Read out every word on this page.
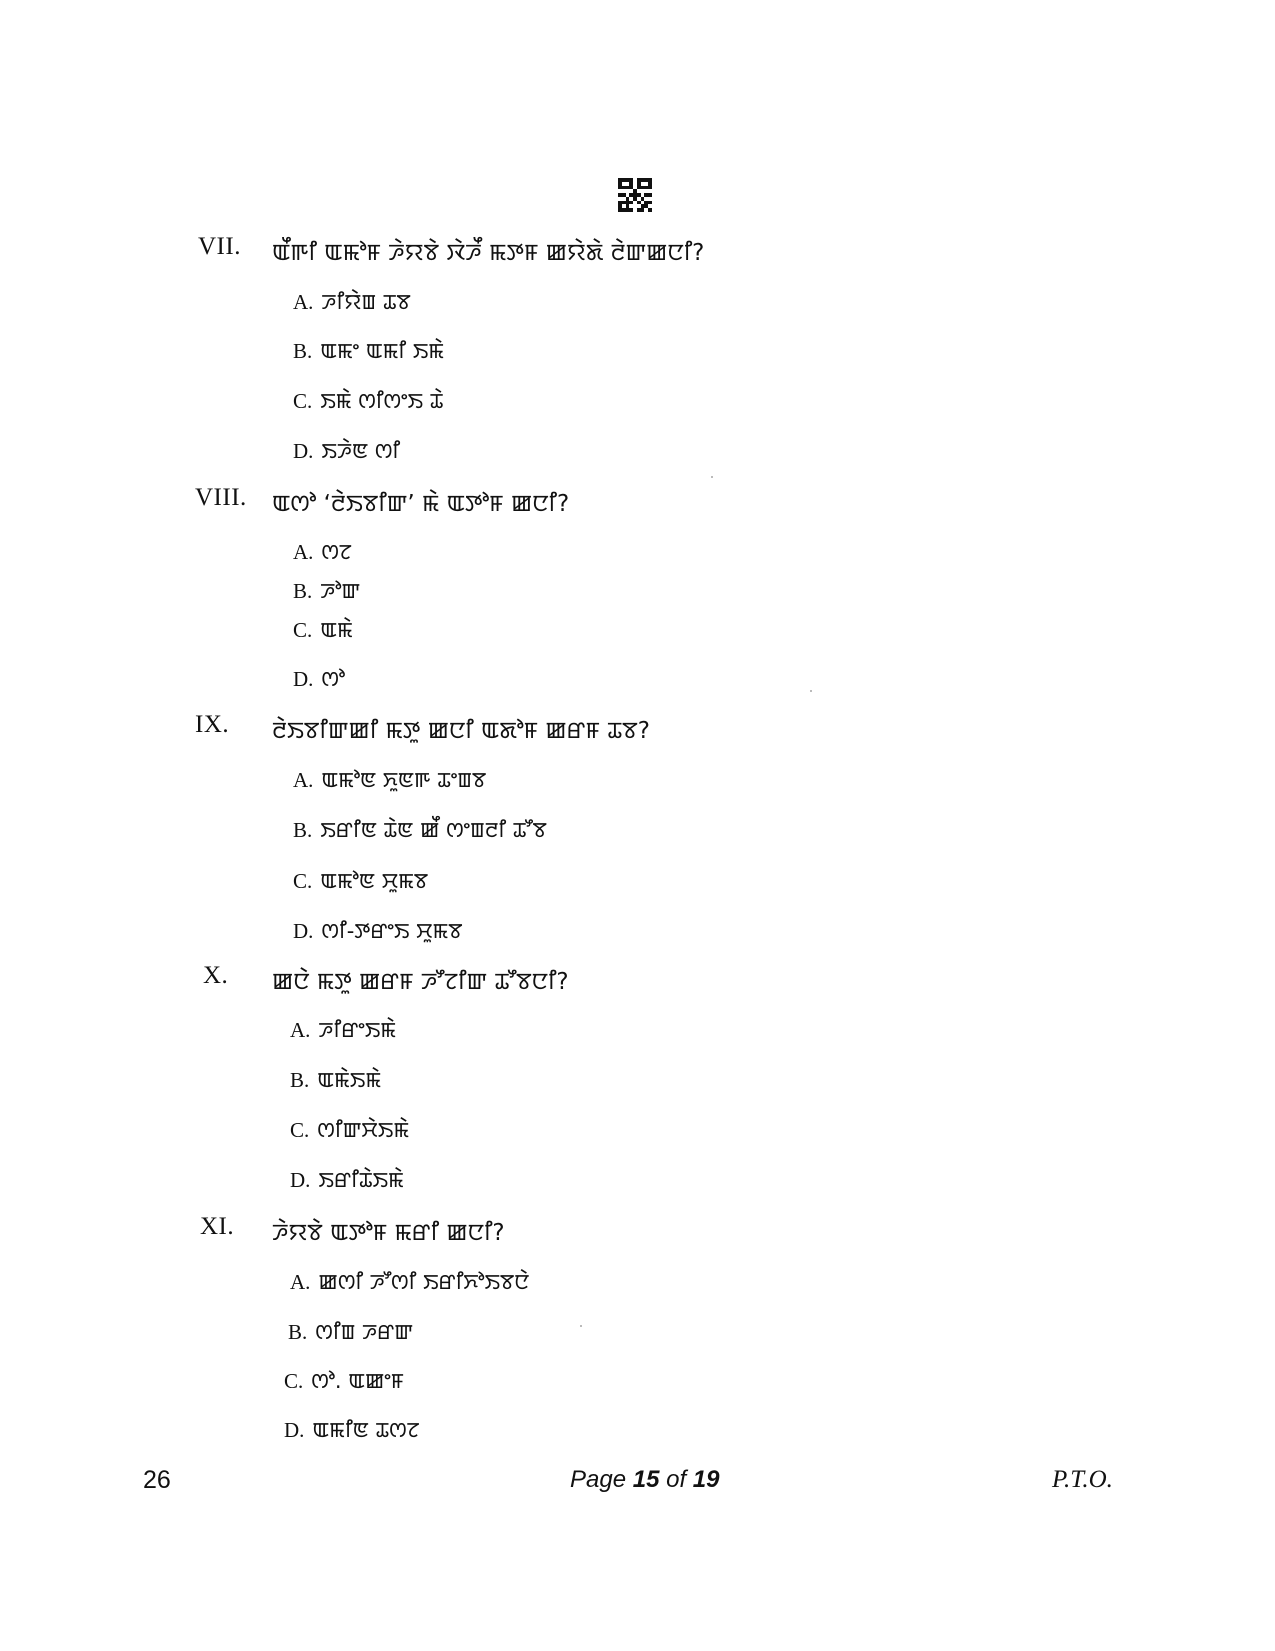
VII. ꯑꯩꯒꯤ ꯑꯃꯣꯝ ꯍꯥꯌꯕꯥ ꯋꯥꯍꯩ ꯃꯇꯝ ꯀꯌꯥꯗꯥ ꯂꯥꯛꯀꯅꯤ?
A. ꯍꯤꯌꯥꯡ ꯊꯕ
B. ꯑꯃꯦ ꯑꯃꯤ ꯏꯃꯥ
C. ꯏꯃꯥ ꯁꯤꯁꯦꯏ ꯊꯥ
D. ꯏꯍꯥꯟ ꯁꯤ
VIII. ꯑꯁꯣ ‘ꯂꯥꯏꯕꯤꯛ’ ꯃꯥ ꯑꯇꯣꯝ ꯀꯅꯤ?
A. ꯁꯖ
B. ꯍꯣꯛ
C. ꯑꯃꯥ
D. ꯁꯣ
IX. ꯂꯥꯏꯕꯤꯛꯀꯤ ꯃꯇꯨ ꯀꯅꯤ ꯑꯗꯣꯝ ꯀꯔꯝ ꯊꯕ?
A. ꯑꯃꯣꯟ ꯈꯨꯟꯒ ꯊꯦꯡꯕ
B. ꯏꯔꯤꯟ ꯊꯥꯟ ꯀꯩ ꯁꯦꯡꯂꯤ ꯊꯧꯕ
C. ꯑꯃꯣꯟ ꯆꯨꯃꯕ
D. ꯁꯤ-ꯇꯔꯦꯏ ꯆꯨꯃꯕ
X. ꯀꯅꯥ ꯃꯇꯨ ꯀꯔꯝ ꯍꯧꯖꯤꯛ ꯊꯧꯕꯅꯤ?
A. ꯍꯤꯔꯦꯏꯃꯥ
B. ꯑꯃꯥꯏꯃꯥ
C. ꯁꯤꯛꯆꯥꯏꯃꯥ
D. ꯏꯔꯤꯊꯥꯏꯃꯥ
XI. ꯍꯥꯌꯕꯥ ꯑꯇꯣꯝ ꯃꯔꯤ ꯀꯅꯤ?
A. ꯀꯁꯤ ꯍꯧꯁꯤ ꯏꯔꯤꯈꯣꯏꯕꯅꯥ
B. ꯁꯤꯡ ꯍꯔꯛ
C. ꯁꯣ. ꯑꯀꯦꯝ
D. ꯑꯃꯤꯟ ꯊꯁꯖ
26	Page 15 of 19	P.T.O.
